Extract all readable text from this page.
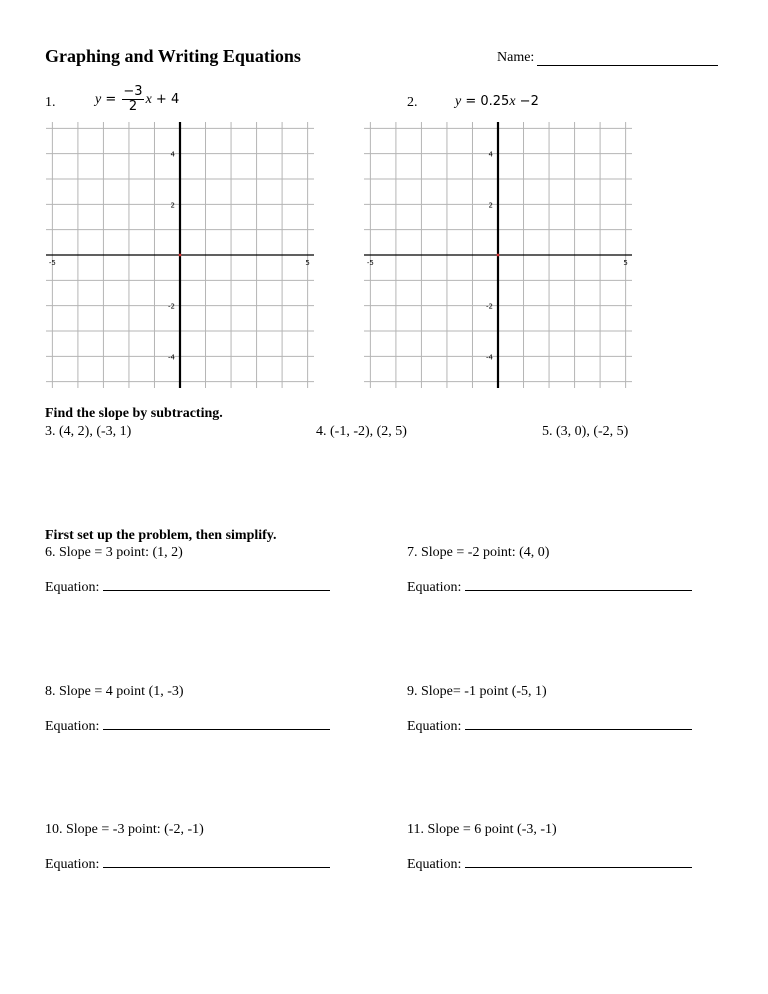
Graphing and Writing Equations	Name:
1.	$y = \frac{-3}{2}$ x + 4	2.	y = 0.25x −2
-5	5
4
2
-2
-4
-5	5
4
2
-2
-4
Find the slope by subtracting.
3. (4, 2), (-3, 1)	4. (-1, -2), (2, 5)	5. (3, 0), (-2, 5)
First set up the problem, then simplify.
6. Slope = 3 point: (1, 2)
Equation:
7. Slope = -2 point: (4, 0)
Equation:
8. Slope = 4 point (1, -3)
Equation:
9. Slope= -1 point (-5, 1)
Equation:
10. Slope = -3 point: (-2, -1)
Equation:
11. Slope = 6 point (-3, -1)
Equation:
